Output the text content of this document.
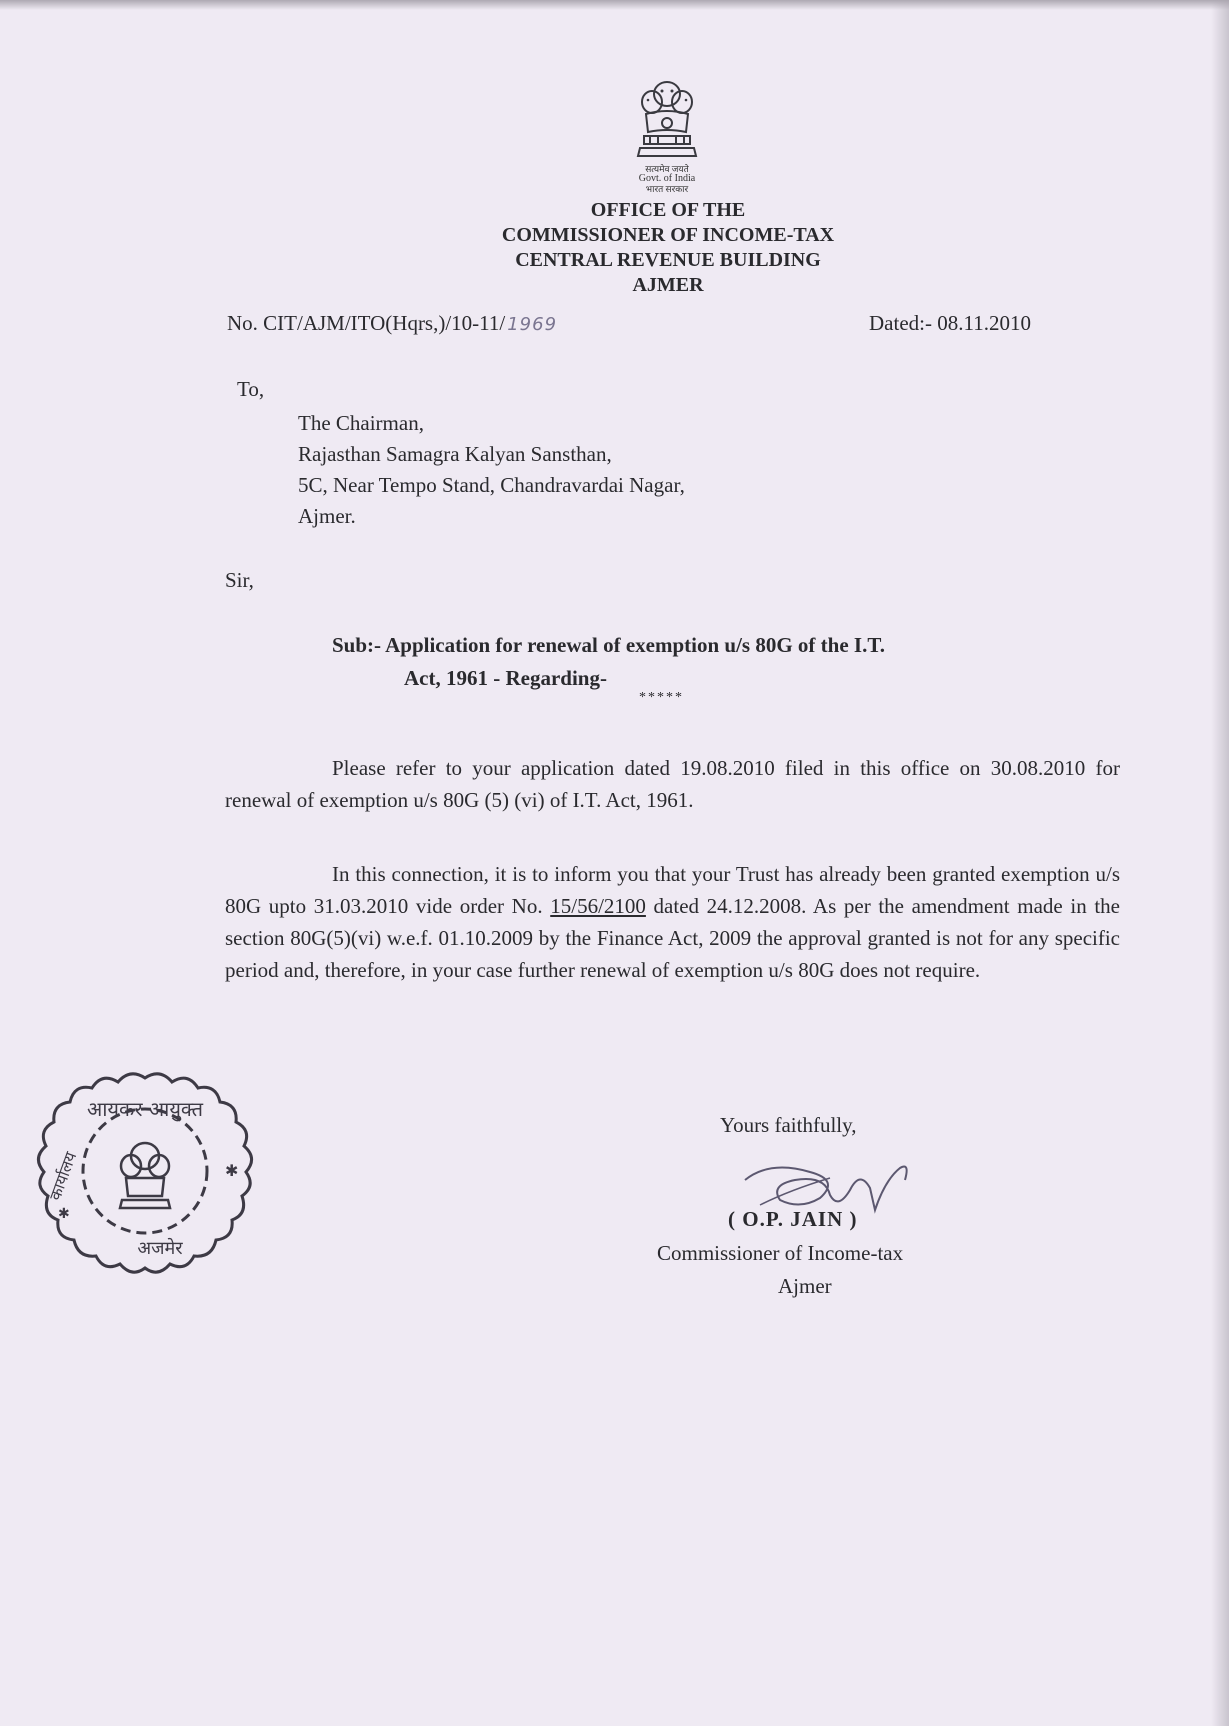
सत्यमेव जयते
Govt. of India
भारत सरकार
OFFICE OF THE
COMMISSIONER OF INCOME-TAX
CENTRAL REVENUE BUILDING
AJMER
No. CIT/AJM/ITO(Hqrs,)/10-11/ 1969	Dated:- 08.11.2010
To,
The Chairman,
Rajasthan Samagra Kalyan Sansthan,
5C, Near Tempo Stand, Chandravardai Nagar,
Ajmer.
Sir,
Sub:- Application for renewal of exemption u/s 80G of the I.T.
Act, 1961 - Regarding-
*****
Please refer to your application dated 19.08.2010 filed in this office on 30.08.2010 for renewal of exemption u/s 80G (5) (vi) of I.T. Act, 1961.
In this connection, it is to inform you that your Trust has already been granted exemption u/s 80G upto 31.03.2010 vide order No. 15/56/2100 dated 24.12.2008. As per the amendment made in the section 80G(5)(vi) w.e.f. 01.10.2009 by the Finance Act, 2009 the approval granted is not for any specific period and, therefore, in your case further renewal of exemption u/s 80G does not require.
Yours faithfully,
( O.P. JAIN )
Commissioner of Income-tax
Ajmer
आयकर आयुक्त
कार्यालय
अजमेर
✱
✱
